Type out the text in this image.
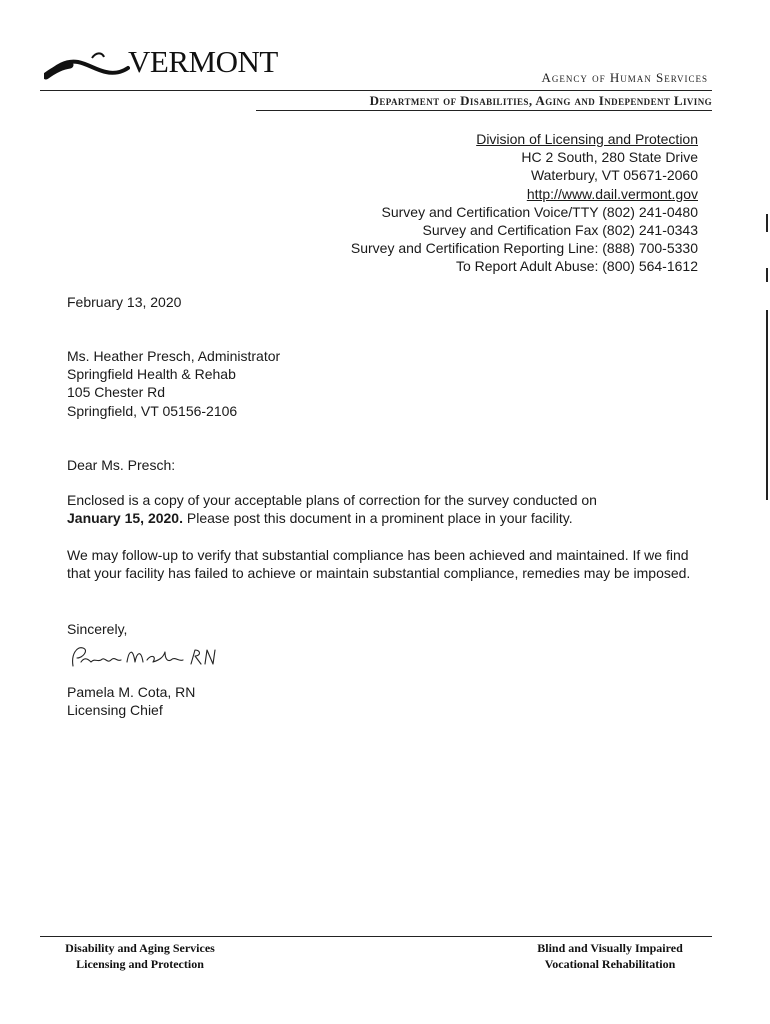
VERMONT	Agency of Human Services
Department of Disabilities, Aging and Independent Living
Division of Licensing and Protection
HC 2 South, 280 State Drive
Waterbury, VT 05671-2060
http://www.dail.vermont.gov
Survey and Certification Voice/TTY (802) 241-0480
Survey and Certification Fax (802) 241-0343
Survey and Certification Reporting Line: (888) 700-5330
To Report Adult Abuse: (800) 564-1612
February 13, 2020
Ms. Heather Presch, Administrator
Springfield Health & Rehab
105 Chester Rd
Springfield, VT 05156-2106
Dear Ms. Presch:
Enclosed is a copy of your acceptable plans of correction for the survey conducted on
January 15, 2020. Please post this document in a prominent place in your facility.
We may follow-up to verify that substantial compliance has been achieved and maintained. If we find that your facility has failed to achieve or maintain substantial compliance, remedies may be imposed.
Sincerely,
Pamela M. Cota, RN
Licensing Chief
Disability and Aging Services
Licensing and Protection
Blind and Visually Impaired
Vocational Rehabilitation
